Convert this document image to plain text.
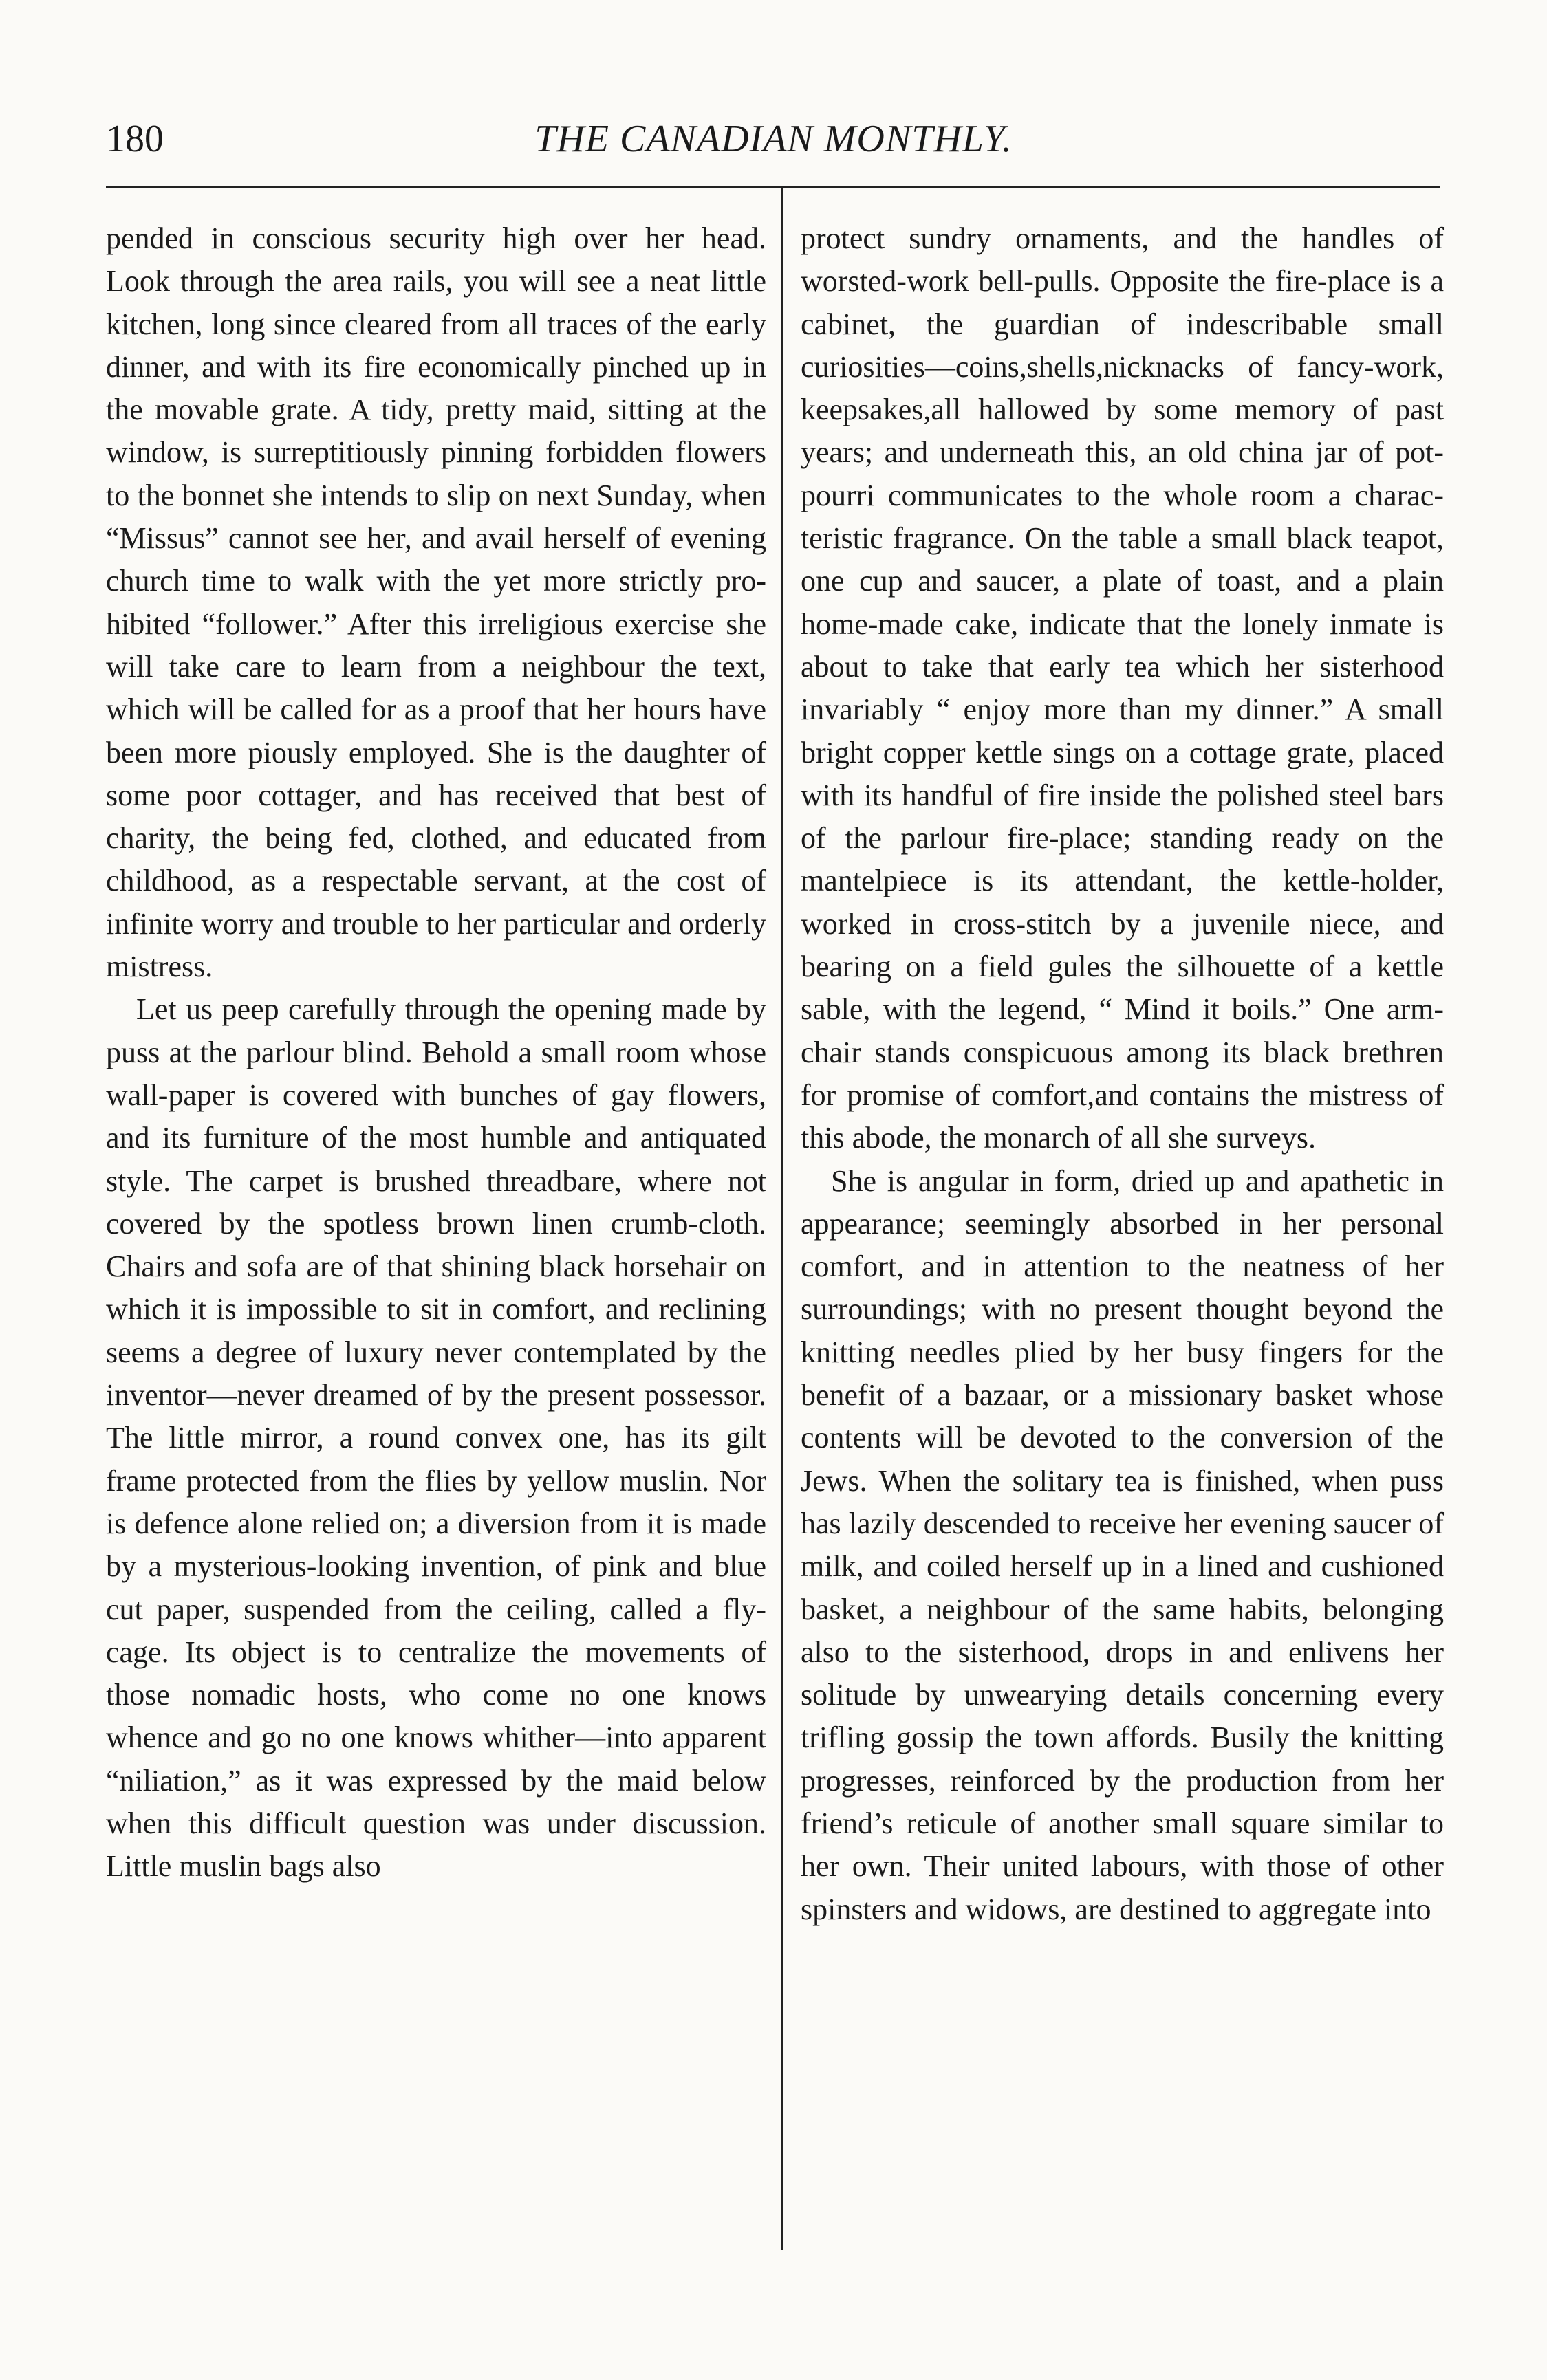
180	THE CANADIAN MONTHLY.

pended in conscious security high over her head. Look through the area rails, you will see a neat little kitchen, long since cleared from all traces of the early dinner, and with its fire economically pinched up in the movable grate. A tidy, pretty maid, sitting at the window, is surreptitiously pinning forbidden flowers to the bonnet she intends to slip on next Sunday, when “Missus” cannot see her, and avail herself of evening church time to walk with the yet more strictly prohibited “follower.” After this irreligious exercise she will take care to learn from a neighbour the text, which will be called for as a proof that her hours have been more piously employed. She is the daughter of some poor cottager, and has received that best of charity, the being fed, clothed, and educated from childhood, as a respectable servant, at the cost of infinite worry and trouble to her particular and orderly mistress.

Let us peep carefully through the opening made by puss at the parlour blind. Behold a small room whose wall-paper is covered with bunches of gay flowers, and its furniture of the most humble and antiquated style. The carpet is brushed threadbare, where not covered by the spotless brown linen crumb-cloth. Chairs and sofa are of that shining black horsehair on which it is impossible to sit in comfort, and reclining seems a degree of luxury never contemplated by the inventor—never dreamed of by the present possessor. The little mirror, a round convex one, has its gilt frame protected from the flies by yellow muslin. Nor is defence alone relied on; a diversion from it is made by a mysterious-looking invention, of pink and blue cut paper, suspended from the ceiling, called a fly-cage. Its object is to centralize the movements of those nomadic hosts, who come no one knows whence and go no one knows whither—into apparent “niliation,” as it was expressed by the maid below when this difficult question was under discussion. Little muslin bags also

protect sundry ornaments, and the handles of worsted-work bell-pulls. Opposite the fire-place is a cabinet, the guardian of indescribable small curiosities—coins,shells,nicknacks of fancy-work, keepsakes,all hallowed by some memory of past years; and underneath this, an old china jar of pot-pourri communicates to the whole room a characteristic fragrance. On the table a small black teapot, one cup and saucer, a plate of toast, and a plain home-made cake, indicate that the lonely inmate is about to take that early tea which her sisterhood invariably “ enjoy more than my dinner.” A small bright copper kettle sings on a cottage grate, placed with its handful of fire inside the polished steel bars of the parlour fire-place; standing ready on the mantelpiece is its attendant, the kettle-holder, worked in cross-stitch by a juvenile niece, and bearing on a field gules the silhouette of a kettle sable, with the legend, “ Mind it boils.” One armchair stands conspicuous among its black brethren for promise of comfort,and contains the mistress of this abode, the monarch of all she surveys.

She is angular in form, dried up and apathetic in appearance; seemingly absorbed in her personal comfort, and in attention to the neatness of her surroundings; with no present thought beyond the knitting needles plied by her busy fingers for the benefit of a bazaar, or a missionary basket whose contents will be devoted to the conversion of the Jews. When the solitary tea is finished, when puss has lazily descended to receive her evening saucer of milk, and coiled herself up in a lined and cushioned basket, a neighbour of the same habits, belonging also to the sisterhood, drops in and enlivens her solitude by unwearying details concerning every trifling gossip the town affords. Busily the knitting progresses, reinforced by the production from her friend’s reticule of another small square similar to her own. Their united labours, with those of other spinsters and widows, are destined to aggregate into
